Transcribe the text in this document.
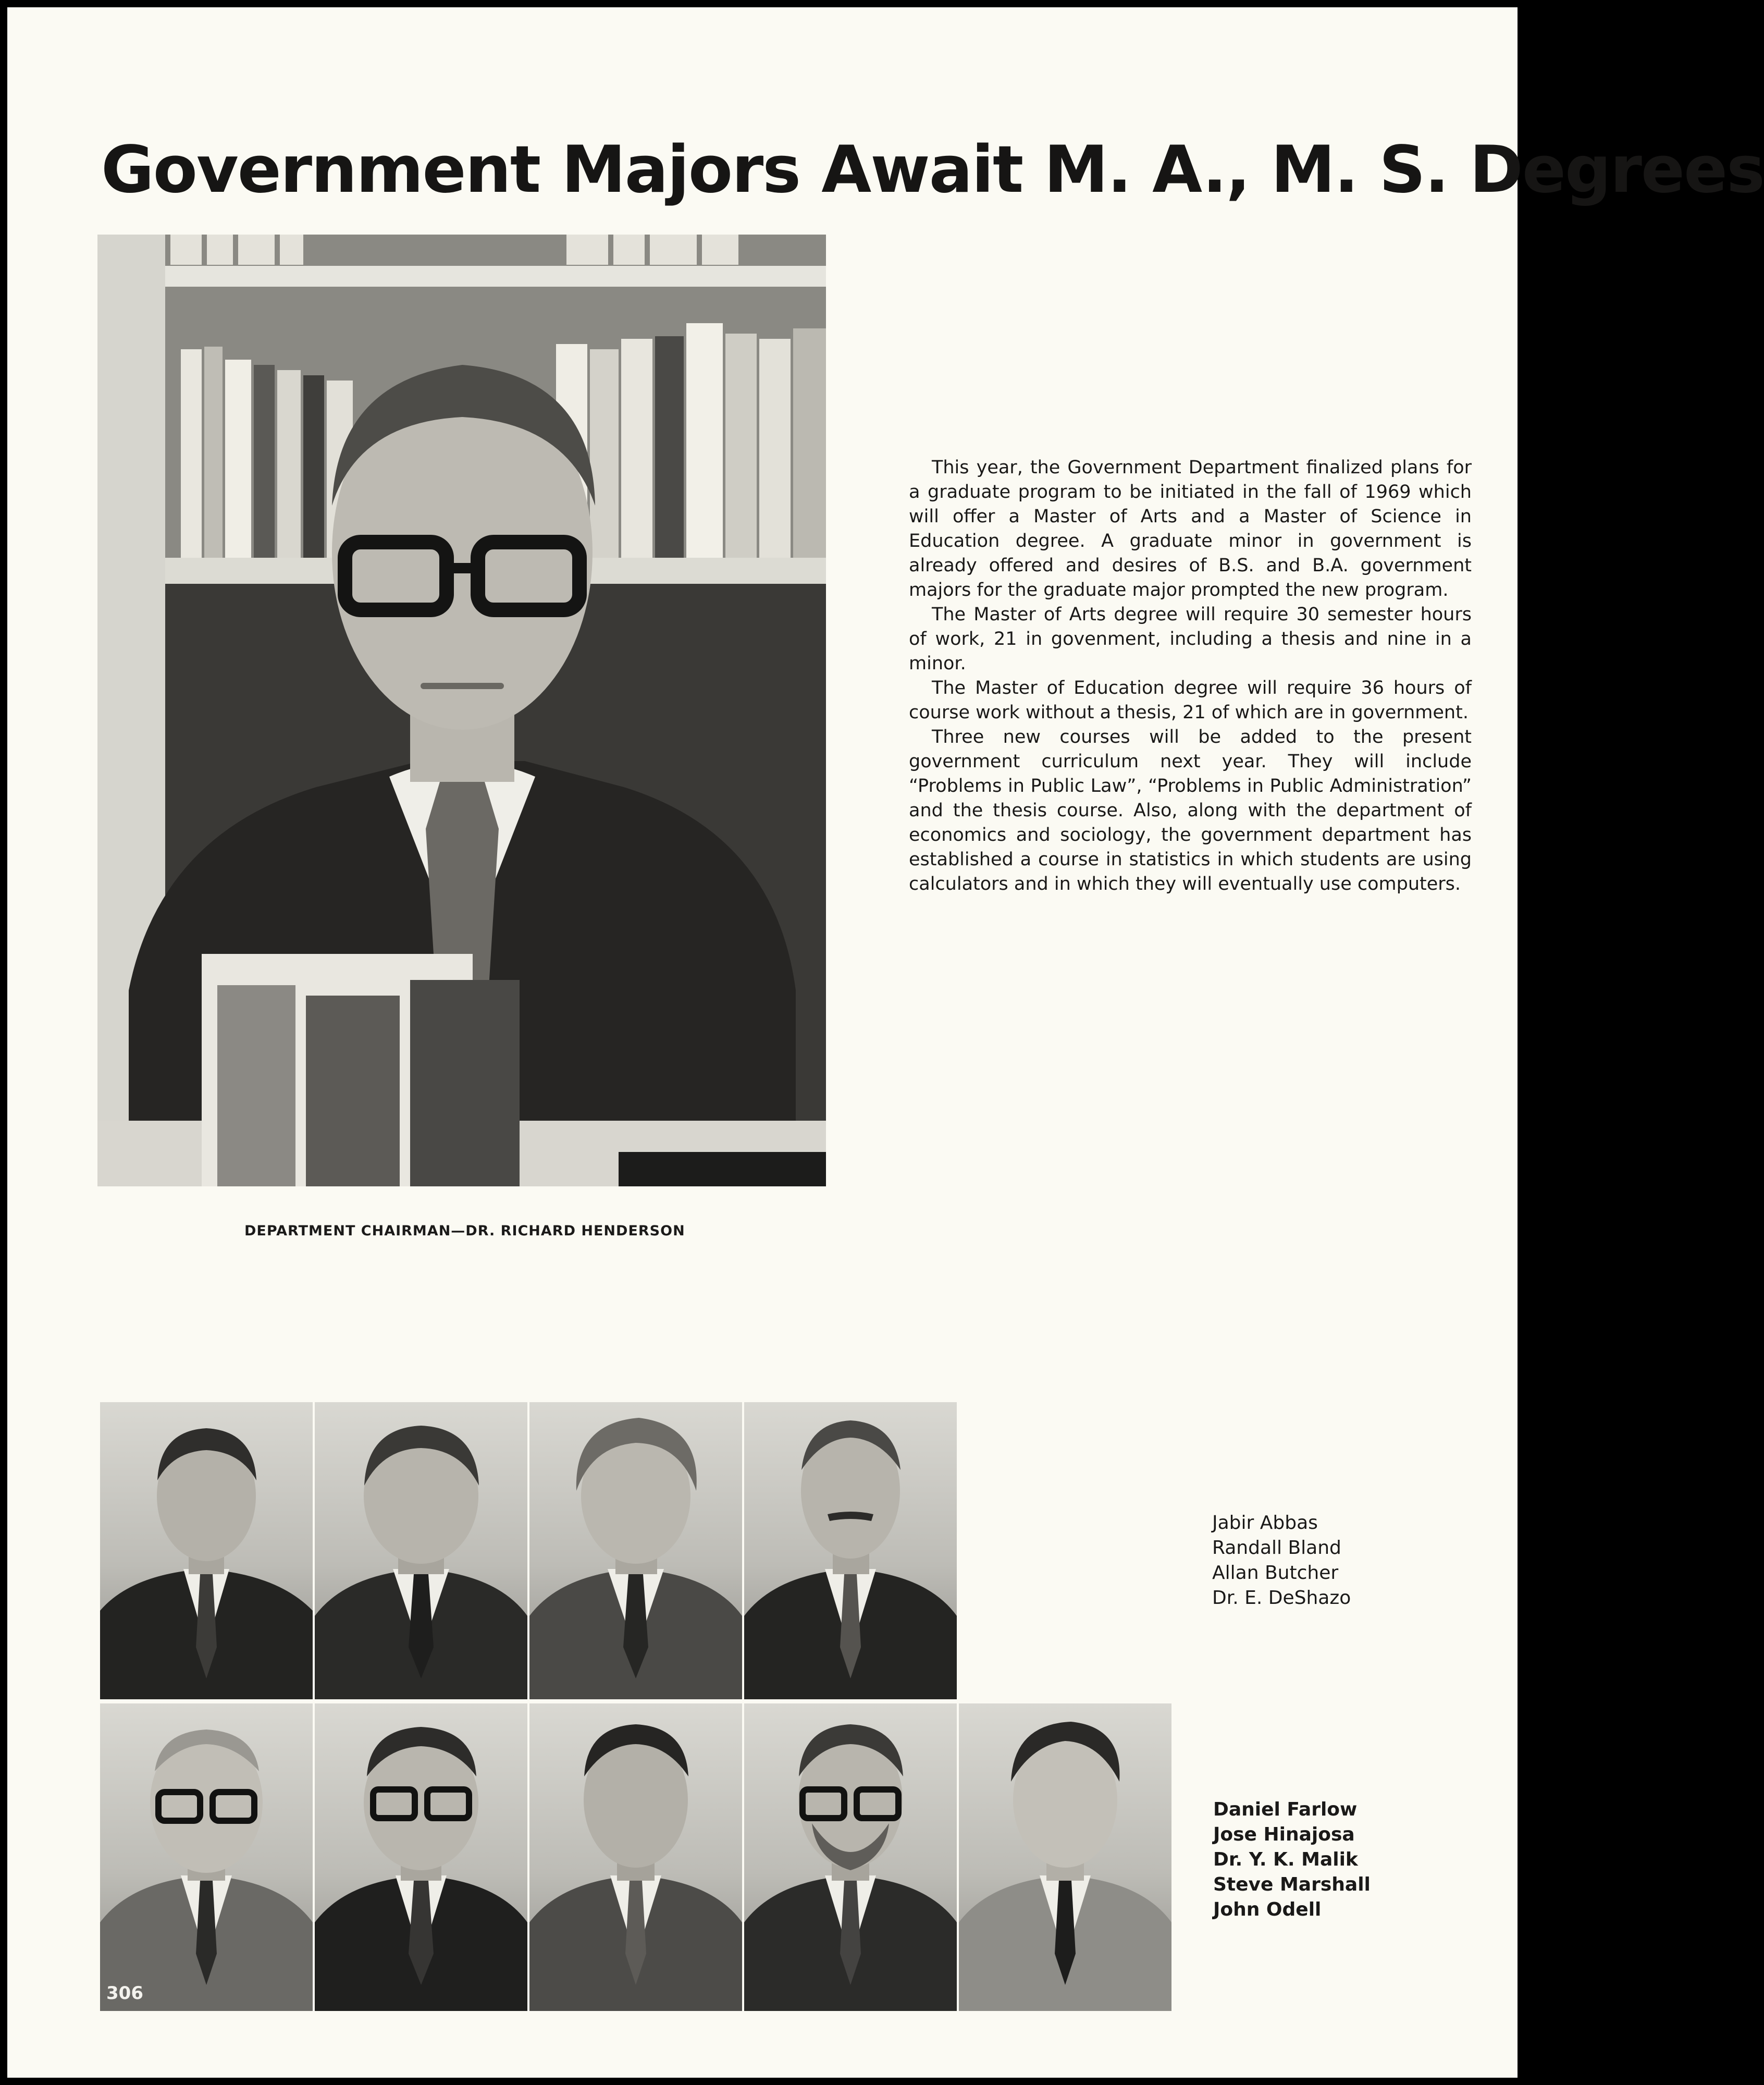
Government Majors Await M. A., M. S. Degrees
DEPARTMENT CHAIRMAN—DR. RICHARD HENDERSON

This year, the Government Department finalized plans for a graduate program to be initiated in the fall of 1969 which will offer a Master of Arts and a Master of Science in Education degree. A graduate minor in government is already offered and desires of B.S. and B.A. government majors for the graduate major prompted the new program.

The Master of Arts degree will require 30 semester hours of work, 21 in govenment, including a thesis and nine in a minor.

The Master of Education degree will require 36 hours of course work without a thesis, 21 of which are in government.

Three new courses will be added to the present government curriculum next year. They will include “Problems in Public Law”, “Problems in Public Administration” and the thesis course. Also, along with the department of economics and sociology, the government department has established a course in statistics in which students are using calculators and in which they will eventually use computers.

Jabir Abbas
Randall Bland
Allan Butcher
Dr. E. DeShazo
Daniel Farlow
Jose Hinajosa
Dr. Y. K. Malik
Steve Marshall
John Odell
306
